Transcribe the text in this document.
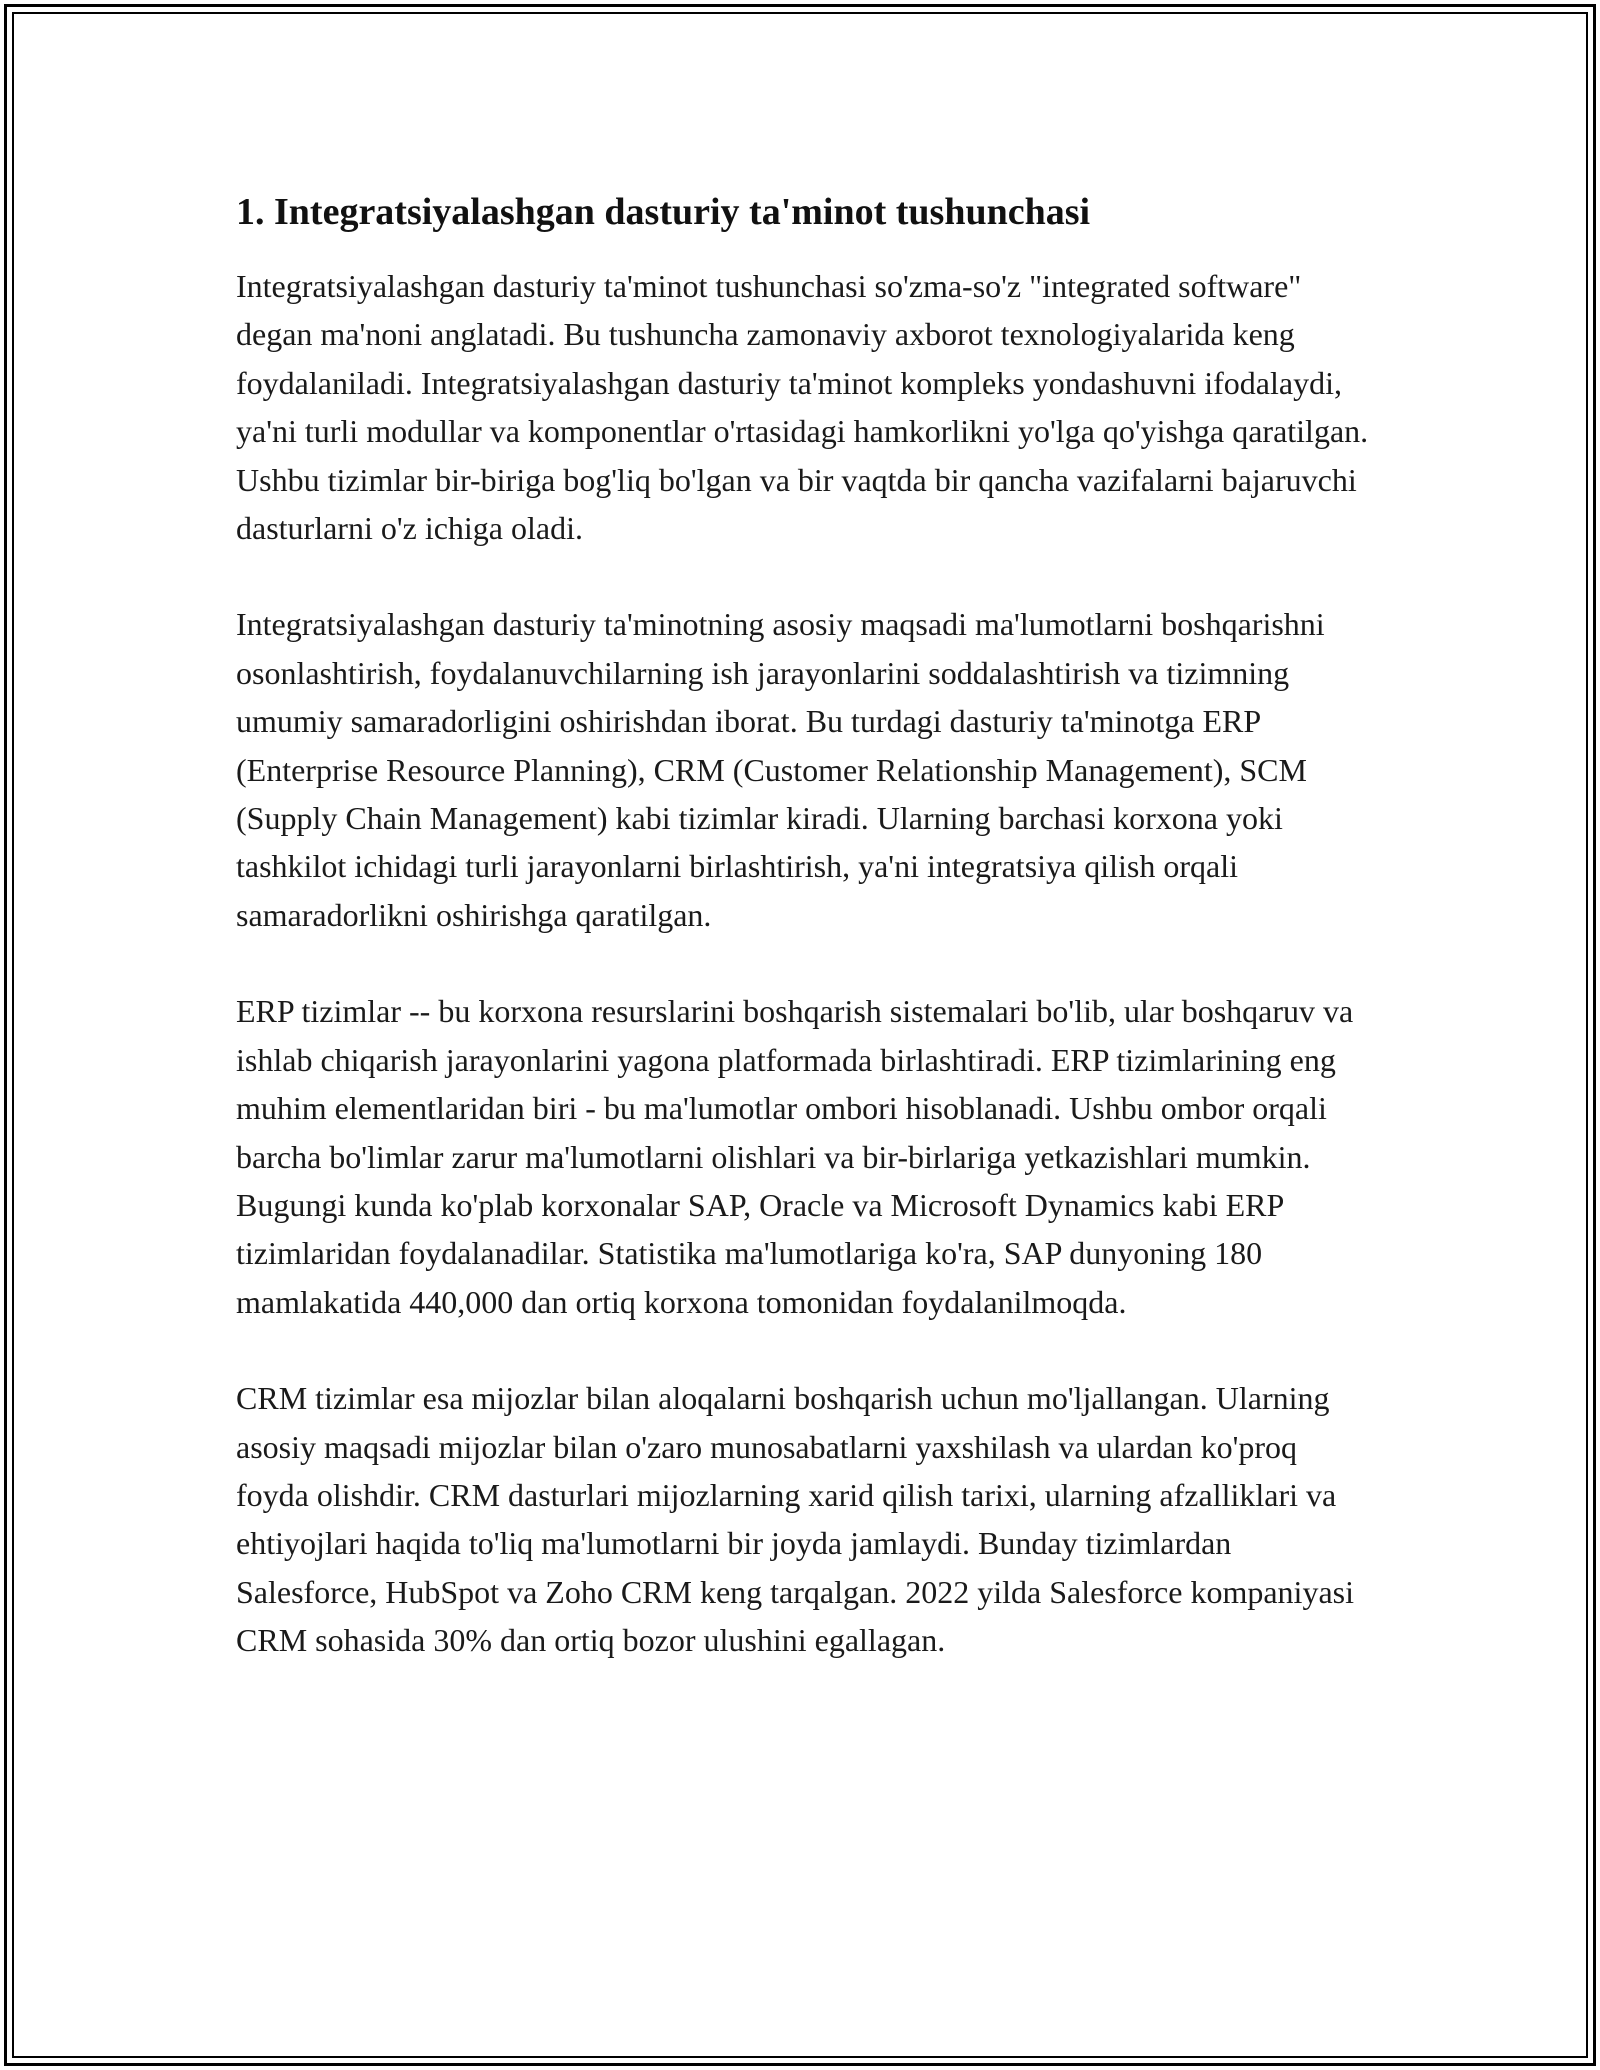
1. Integratsiyalashgan dasturiy ta'minot tushunchasi

Integratsiyalashgan dasturiy ta'minot tushunchasi so'zma-so'z "integrated software" degan ma'noni anglatadi. Bu tushuncha zamonaviy axborot texnologiyalarida keng foydalaniladi. Integratsiyalashgan dasturiy ta'minot kompleks yondashuvni ifodalaydi, ya'ni turli modullar va komponentlar o'rtasidagi hamkorlikni yo'lga qo'yishga qaratilgan. Ushbu tizimlar bir-biriga bog'liq bo'lgan va bir vaqtda bir qancha vazifalarni bajaruvchi dasturlarni o'z ichiga oladi.

Integratsiyalashgan dasturiy ta'minotning asosiy maqsadi ma'lumotlarni boshqarishni osonlashtirish, foydalanuvchilarning ish jarayonlarini soddalashtirish va tizimning umumiy samaradorligini oshirishdan iborat. Bu turdagi dasturiy ta'minotga ERP (Enterprise Resource Planning), CRM (Customer Relationship Management), SCM (Supply Chain Management) kabi tizimlar kiradi. Ularning barchasi korxona yoki tashkilot ichidagi turli jarayonlarni birlashtirish, ya'ni integratsiya qilish orqali samaradorlikni oshirishga qaratilgan.

ERP tizimlar -- bu korxona resurslarini boshqarish sistemalari bo'lib, ular boshqaruv va ishlab chiqarish jarayonlarini yagona platformada birlashtiradi. ERP tizimlarining eng muhim elementlaridan biri - bu ma'lumotlar ombori hisoblanadi. Ushbu ombor orqali barcha bo'limlar zarur ma'lumotlarni olishlari va bir-birlariga yetkazishlari mumkin. Bugungi kunda ko'plab korxonalar SAP, Oracle va Microsoft Dynamics kabi ERP tizimlaridan foydalanadilar. Statistika ma'lumotlariga ko'ra, SAP dunyoning 180 mamlakatida 440,000 dan ortiq korxona tomonidan foydalanilmoqda.

CRM tizimlar esa mijozlar bilan aloqalarni boshqarish uchun mo'ljallangan. Ularning asosiy maqsadi mijozlar bilan o'zaro munosabatlarni yaxshilash va ulardan ko'proq foyda olishdir. CRM dasturlari mijozlarning xarid qilish tarixi, ularning afzalliklari va ehtiyojlari haqida to'liq ma'lumotlarni bir joyda jamlaydi. Bunday tizimlardan Salesforce, HubSpot va Zoho CRM keng tarqalgan. 2022 yilda Salesforce kompaniyasi CRM sohasida 30% dan ortiq bozor ulushini egallagan.
